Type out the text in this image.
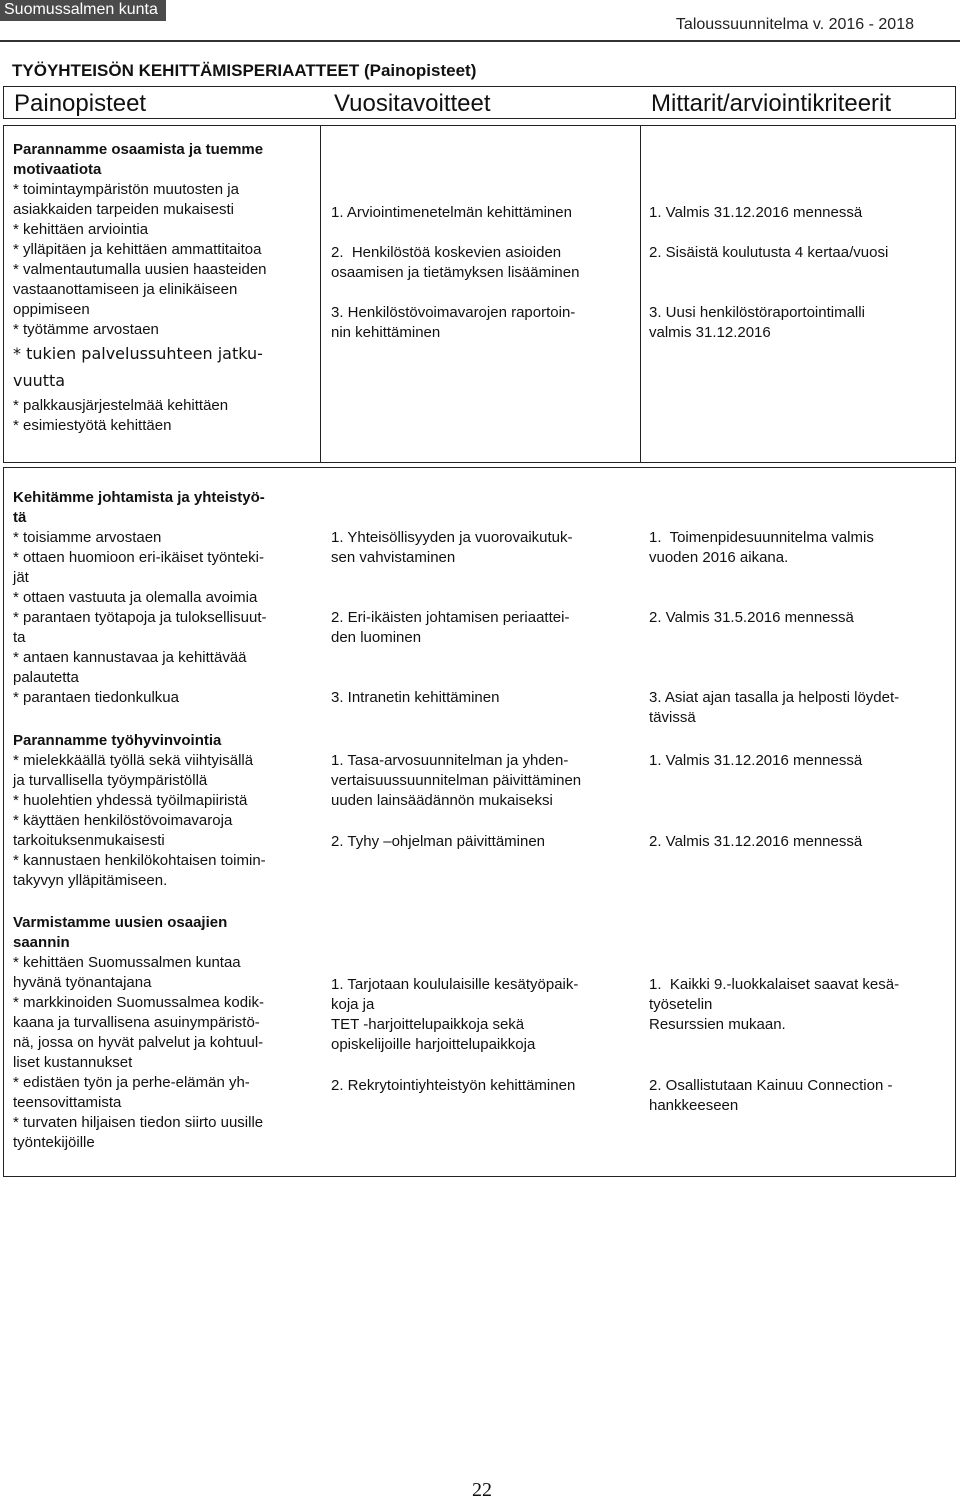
Suomussalmen kunta
Taloussuunnitelma v. 2016 - 2018
TYÖYHTEISÖN KEHITTÄMISPERIAATTEET (Painopisteet)
Painopisteet	Vuositavoitteet	Mittarit/arviointikriteerit
Parannamme osaamista ja tuemme
motivaatiota
* toimintaympäristön muutosten ja
asiakkaiden tarpeiden mukaisesti
* kehittäen arviointia
* ylläpitäen ja kehittäen ammattitaitoa
* valmentautumalla uusien haasteiden
vastaanottamiseen ja elinikäiseen
oppimiseen
* työtämme arvostaen
* tukien palvelussuhteen jatku-
vuutta
* palkkausjärjestelmää kehittäen
* esimiestyötä kehittäen
1. Arviointimenetelmän kehittäminen
2.  Henkilöstöä koskevien asioiden
osaamisen ja tietämyksen lisääminen
3. Henkilöstövoimavarojen raportoin-
nin kehittäminen
1. Valmis 31.12.2016 mennessä
2. Sisäistä koulutusta 4 kertaa/vuosi
3. Uusi henkilöstöraportointimalli
valmis 31.12.2016
Kehitämme johtamista ja yhteistyö-
tä
* toisiamme arvostaen
* ottaen huomioon eri-ikäiset työnteki-
jät
* ottaen vastuuta ja olemalla avoimia
* parantaen työtapoja ja tuloksellisuut-
ta
* antaen kannustavaa ja kehittävää
palautetta
* parantaen tiedonkulkua
1. Yhteisöllisyyden ja vuorovaikutuk-
sen vahvistaminen
2. Eri-ikäisten johtamisen periaattei-
den luominen
3. Intranetin kehittäminen
1.  Toimenpidesuunnitelma valmis
vuoden 2016 aikana.
2. Valmis 31.5.2016 mennessä
3. Asiat ajan tasalla ja helposti löydet-
tävissä
Parannamme työhyvinvointia
* mielekkäällä työllä sekä viihtyisällä
ja turvallisella työympäristöllä
* huolehtien yhdessä työilmapiiristä
* käyttäen henkilöstövoimavaroja
tarkoituksenmukaisesti
* kannustaen henkilökohtaisen toimin-
takyvyn ylläpitämiseen.
1. Tasa-arvosuunnitelman ja yhden-
vertaisuussuunnitelman päivittäminen
uuden lainsäädännön mukaiseksi
2. Tyhy –ohjelman päivittäminen
1. Valmis 31.12.2016 mennessä
2. Valmis 31.12.2016 mennessä
Varmistamme uusien osaajien
saannin
* kehittäen Suomussalmen kuntaa
hyvänä työnantajana
* markkinoiden Suomussalmea kodik-
kaana ja turvallisena asuinympäristö-
nä, jossa on hyvät palvelut ja kohtuul-
liset kustannukset
* edistäen työn ja perhe-elämän yh-
teensovittamista
* turvaten hiljaisen tiedon siirto uusille
työntekijöille
1. Tarjotaan koululaisille kesätyöpaik-
koja ja
TET -harjoittelupaikkoja sekä
opiskelijoille harjoittelupaikkoja
2. Rekrytointiyhteistyön kehittäminen
1.  Kaikki 9.-luokkalaiset saavat kesä-
työsetelin
Resurssien mukaan.
2. Osallistutaan Kainuu Connection -
hankkeeseen
22
